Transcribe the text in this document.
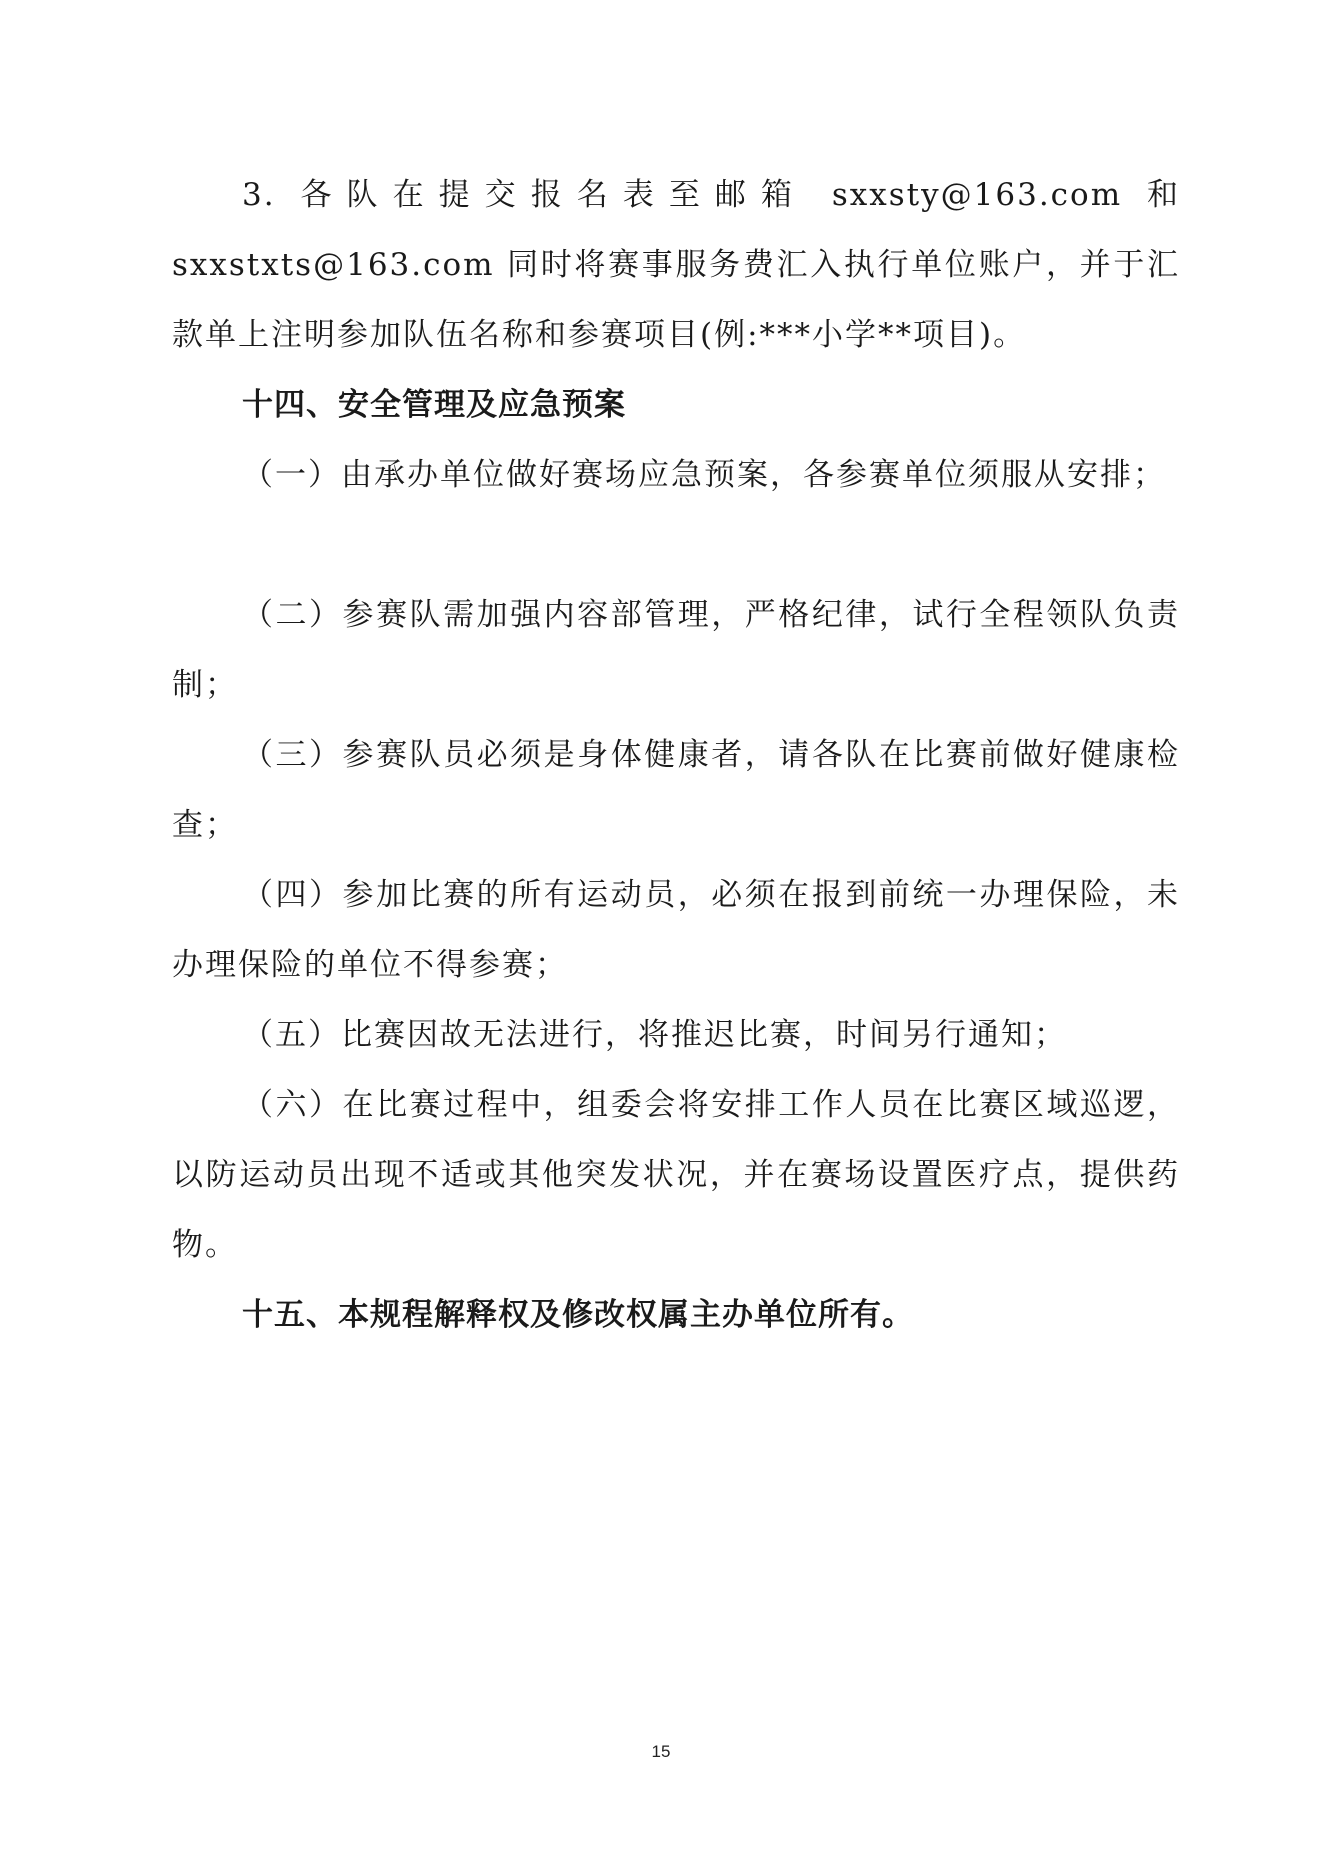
3. 各队在提交报名表至邮箱 sxxsty@163.com 和 sxxstxts@163.com 同时将赛事服务费汇入执行单位账户，并于汇款单上注明参加队伍名称和参赛项目(例:***小学**项目)。

十四、安全管理及应急预案

（一）由承办单位做好赛场应急预案，各参赛单位须服从安排；

（二）参赛队需加强内容部管理，严格纪律，试行全程领队负责制；

（三）参赛队员必须是身体健康者，请各队在比赛前做好健康检查；

（四）参加比赛的所有运动员，必须在报到前统一办理保险，未办理保险的单位不得参赛；

（五）比赛因故无法进行，将推迟比赛，时间另行通知；

（六）在比赛过程中，组委会将安排工作人员在比赛区域巡逻，以防运动员出现不适或其他突发状况，并在赛场设置医疗点，提供药物。

十五、本规程解释权及修改权属主办单位所有。

15
